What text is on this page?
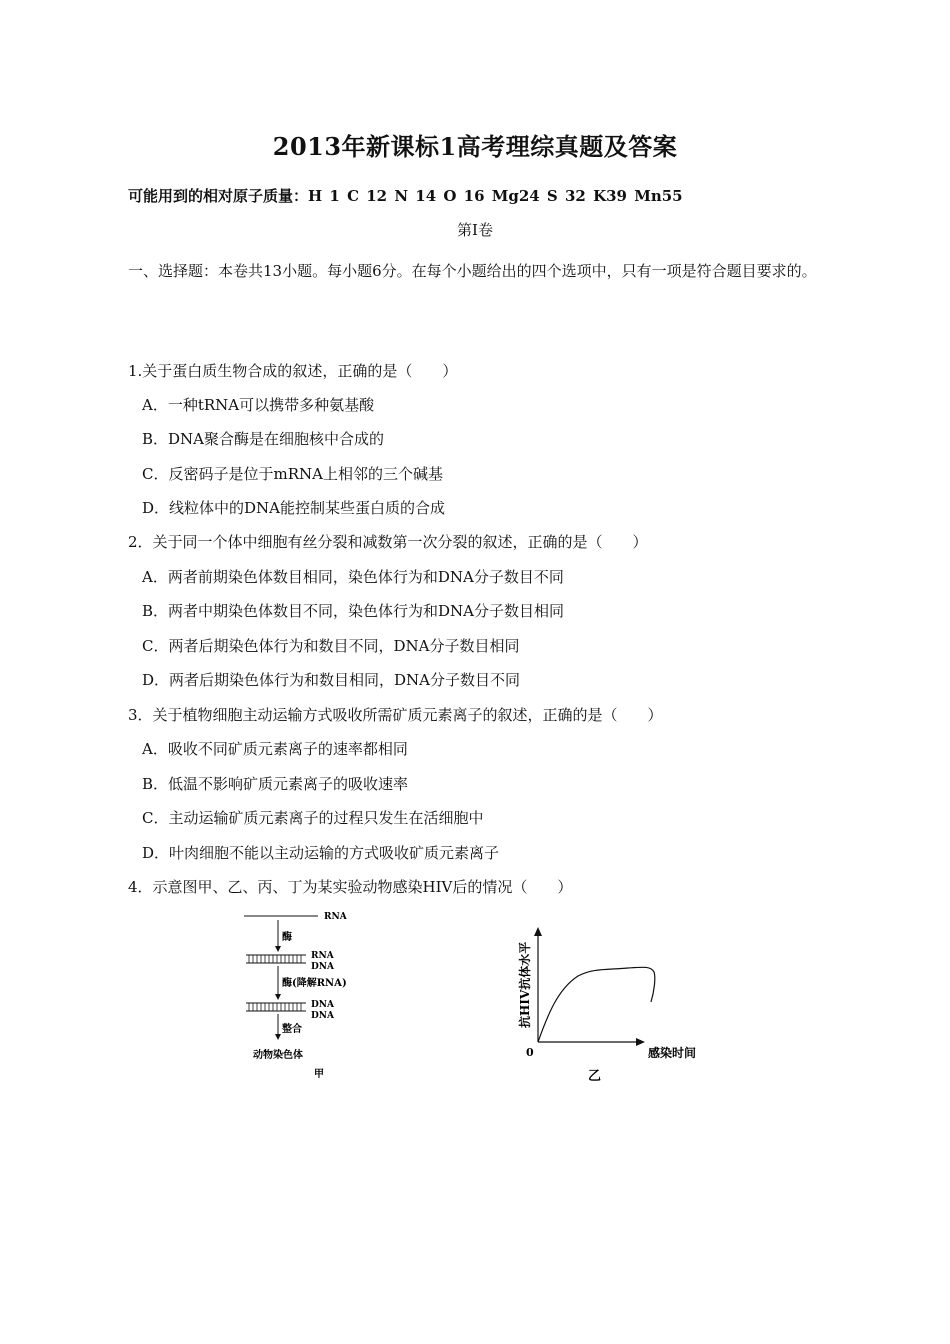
2013年新课标1高考理综真题及答案
可能用到的相对原子质量：H 1 C 12 N 14 O 16 Mg24 S 32 K39 Mn55
第Ⅰ卷
一、选择题：本卷共13小题。每小题6分。在每个小题给出的四个选项中，只有一项是符合题目要求的。
1.关于蛋白质生物合成的叙述，正确的是（　　）
A．一种tRNA可以携带多种氨基酸
B．DNA聚合酶是在细胞核中合成的
C．反密码子是位于mRNA上相邻的三个碱基
D．线粒体中的DNA能控制某些蛋白质的合成
2．关于同一个体中细胞有丝分裂和减数第一次分裂的叙述，正确的是（　　）
A．两者前期染色体数目相同，染色体行为和DNA分子数目不同
B．两者中期染色体数目不同，染色体行为和DNA分子数目相同
C．两者后期染色体行为和数目不同，DNA分子数目相同
D．两者后期染色体行为和数目相同，DNA分子数目不同
3．关于植物细胞主动运输方式吸收所需矿质元素离子的叙述，正确的是（　　）
A．吸收不同矿质元素离子的速率都相同
B．低温不影响矿质元素离子的吸收速率
C．主动运输矿质元素离子的过程只发生在活细胞中
D．叶肉细胞不能以主动运输的方式吸收矿质元素离子
4．示意图甲、乙、丙、丁为某实验动物感染HIV后的情况（　　）
RNA
酶
RNA
DNA
酶(降解RNA)
DNA
DNA
整合
动物染色体
甲
0	感染时间
抗HIV抗体水平
乙
